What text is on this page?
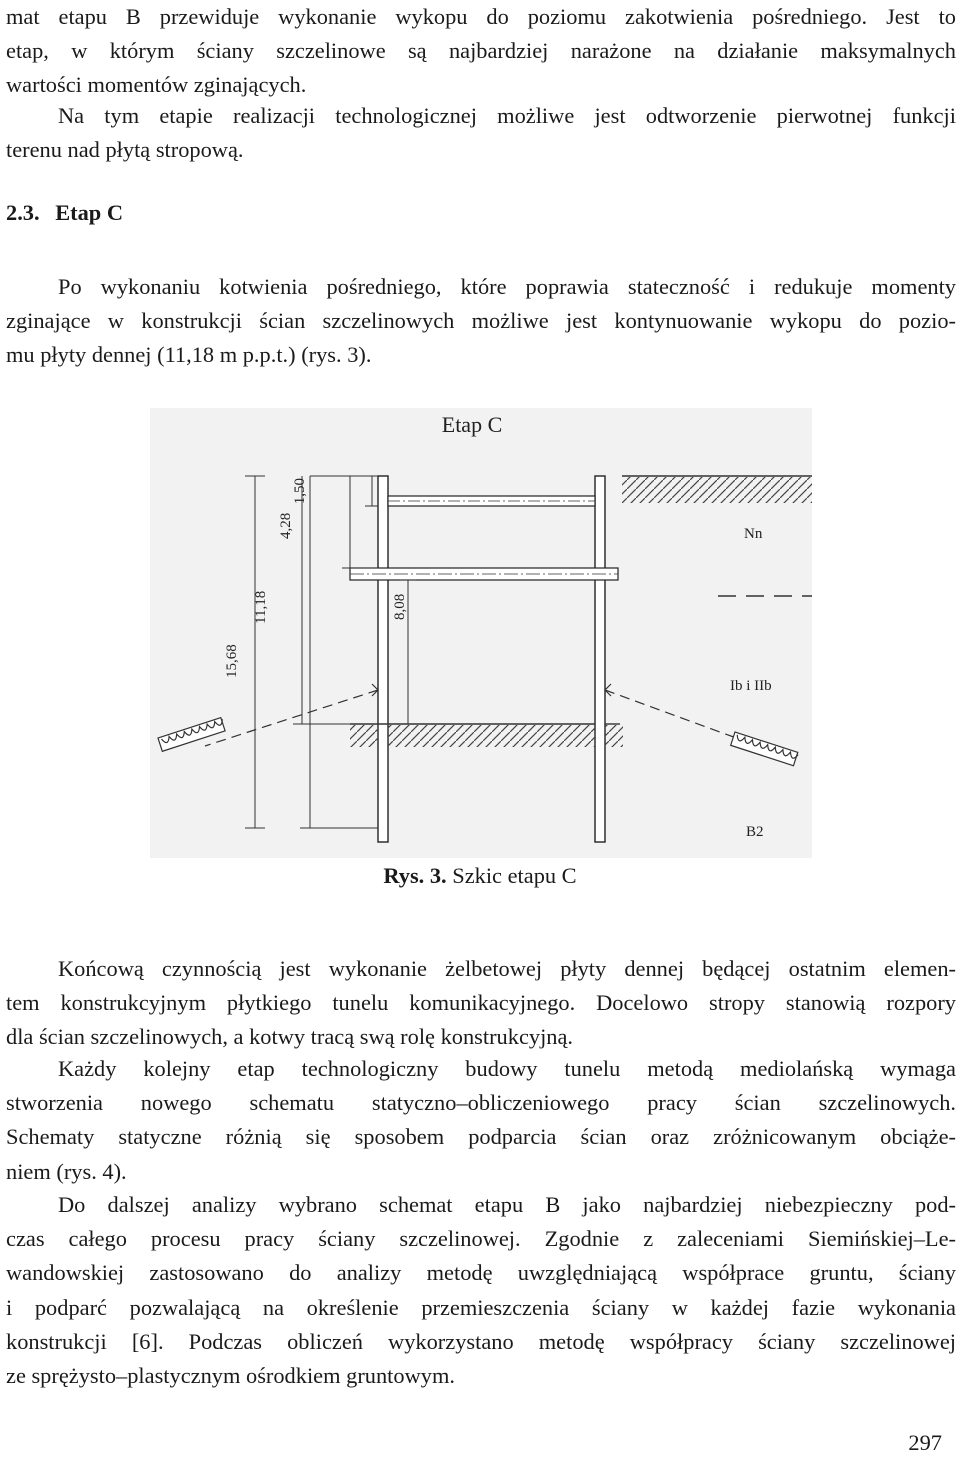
mat etapu B przewiduje wykonanie wykopu do poziomu zakotwienia pośredniego. Jest to
etap, w którym ściany szczelinowe są najbardziej narażone na działanie maksymalnych
wartości momentów zginających.
Na tym etapie realizacji technologicznej możliwe jest odtworzenie pierwotnej funkcji
terenu nad płytą stropową.
2.3. Etap C
Po wykonaniu kotwienia pośredniego, które poprawia stateczność i redukuje momenty
zginające w konstrukcji ścian szczelinowych możliwe jest kontynuowanie wykopu do pozio-
mu płyty dennej (11,18 m p.p.t.) (rys. 3).
Etap C
Nn
Ib i IIb
B2
1,50
4,28
11,18
15,68
8,08
Rys. 3. Szkic etapu C
Końcową czynnością jest wykonanie żelbetowej płyty dennej będącej ostatnim elemen-
tem konstrukcyjnym płytkiego tunelu komunikacyjnego. Docelowo stropy stanowią rozpory
dla ścian szczelinowych, a kotwy tracą swą rolę konstrukcyjną.
Każdy kolejny etap technologiczny budowy tunelu metodą mediolańską wymaga
stworzenia nowego schematu statyczno–obliczeniowego pracy ścian szczelinowych.
Schematy statyczne różnią się sposobem podparcia ścian oraz zróżnicowanym obciąże-
niem (rys. 4).
Do dalszej analizy wybrano schemat etapu B jako najbardziej niebezpieczny pod-
czas całego procesu pracy ściany szczelinowej. Zgodnie z zaleceniami Siemińskiej–Le-
wandowskiej zastosowano do analizy metodę uwzględniającą współprace gruntu, ściany
i podparć pozwalającą na określenie przemieszczenia ściany w każdej fazie wykonania
konstrukcji [6]. Podczas obliczeń wykorzystano metodę współpracy ściany szczelinowej
ze sprężysto–plastycznym ośrodkiem gruntowym.
297
